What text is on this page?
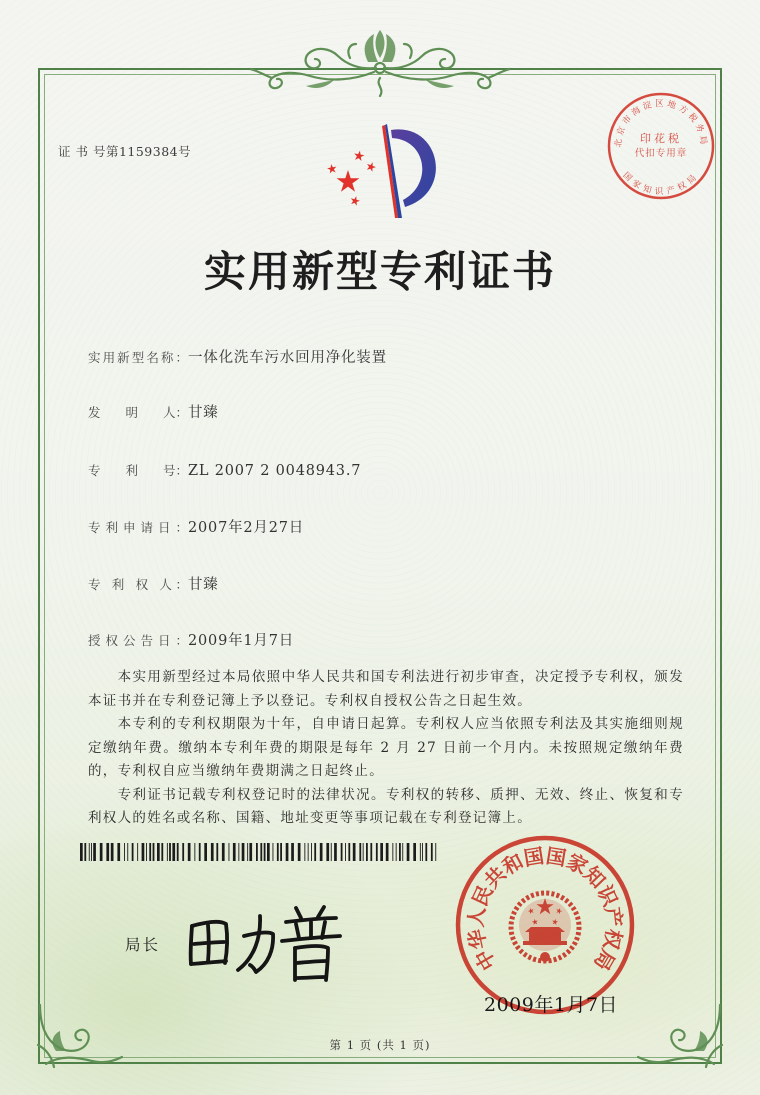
证 书 号第1159384号
北京市海淀区地方税务局
国家知识产权局
印花税
代扣专用章
实用新型专利证书
实用新型名称：一体化洗车污水回用净化装置
发　　明　　人：甘臻
专　　利　　号：ZL 2007 2 0048943.7
专利申请日：2007年2月27日
专 利 权 人：甘臻
授权公告日：2009年1月7日

本实用新型经过本局依照中华人民共和国专利法进行初步审查，决定授予专利权，颁发本证书并在专利登记簿上予以登记。专利权自授权公告之日起生效。

本专利的专利权期限为十年，自申请日起算。专利权人应当依照专利法及其实施细则规定缴纳年费。缴纳本专利年费的期限是每年 2 月 27 日前一个月内。未按照规定缴纳年费的，专利权自应当缴纳年费期满之日起终止。

专利证书记载专利权登记时的法律状况。专利权的转移、质押、无效、终止、恢复和专利权人的姓名或名称、国籍、地址变更等事项记载在专利登记簿上。

局长
2009年1月7日
中华人民共和国国家知识产权局
第 1 页 (共 1 页)
